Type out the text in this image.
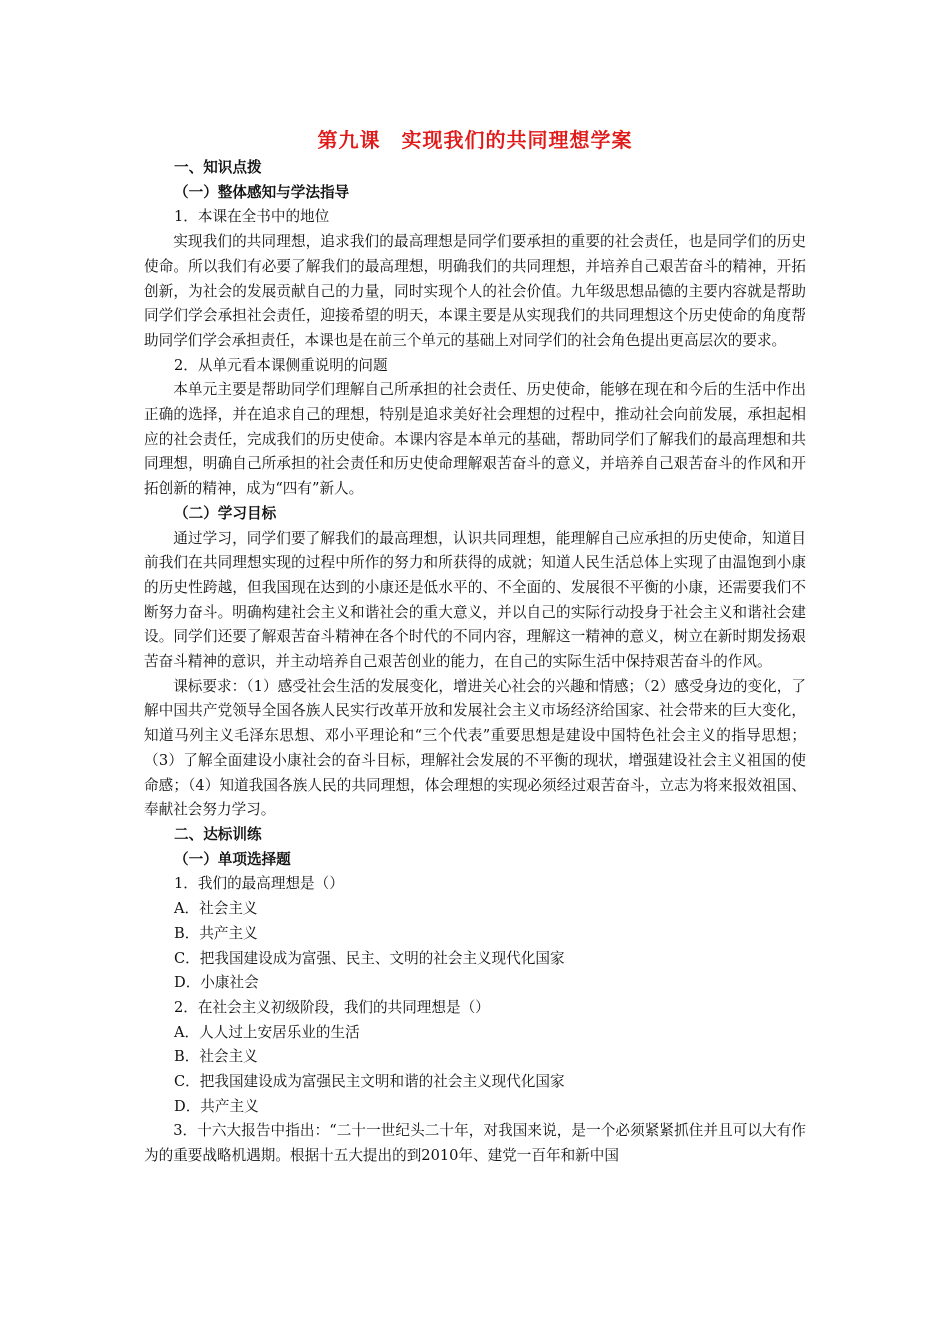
第九课　实现我们的共同理想学案

一、知识点拨

（一）整体感知与学法指导

1．本课在全书中的地位

实现我们的共同理想，追求我们的最高理想是同学们要承担的重要的社会责任，也是同学们的历史使命。所以我们有必要了解我们的最高理想，明确我们的共同理想，并培养自己艰苦奋斗的精神，开拓创新，为社会的发展贡献自己的力量，同时实现个人的社会价值。九年级思想品德的主要内容就是帮助同学们学会承担社会责任，迎接希望的明天，本课主要是从实现我们的共同理想这个历史使命的角度帮助同学们学会承担责任，本课也是在前三个单元的基础上对同学们的社会角色提出更高层次的要求。

2．从单元看本课侧重说明的问题

本单元主要是帮助同学们理解自己所承担的社会责任、历史使命，能够在现在和今后的生活中作出正确的选择，并在追求自己的理想，特别是追求美好社会理想的过程中，推动社会向前发展，承担起相应的社会责任，完成我们的历史使命。本课内容是本单元的基础，帮助同学们了解我们的最高理想和共同理想，明确自己所承担的社会责任和历史使命理解艰苦奋斗的意义，并培养自己艰苦奋斗的作风和开拓创新的精神，成为“四有”新人。

（二）学习目标

通过学习，同学们要了解我们的最高理想，认识共同理想，能理解自己应承担的历史使命，知道目前我们在共同理想实现的过程中所作的努力和所获得的成就；知道人民生活总体上实现了由温饱到小康的历史性跨越，但我国现在达到的小康还是低水平的、不全面的、发展很不平衡的小康，还需要我们不断努力奋斗。明确构建社会主义和谐社会的重大意义，并以自己的实际行动投身于社会主义和谐社会建设。同学们还要了解艰苦奋斗精神在各个时代的不同内容，理解这一精神的意义，树立在新时期发扬艰苦奋斗精神的意识，并主动培养自己艰苦创业的能力，在自己的实际生活中保持艰苦奋斗的作风。

课标要求：（1）感受社会生活的发展变化，增进关心社会的兴趣和情感；（2）感受身边的变化，了解中国共产党领导全国各族人民实行改革开放和发展社会主义市场经济给国家、社会带来的巨大变化，知道马列主义毛泽东思想、邓小平理论和“三个代表”重要思想是建设中国特色社会主义的指导思想；（3）了解全面建设小康社会的奋斗目标，理解社会发展的不平衡的现状，增强建设社会主义祖国的使命感；（4）知道我国各族人民的共同理想，体会理想的实现必须经过艰苦奋斗，立志为将来报效祖国、奉献社会努力学习。

二、达标训练

（一）单项选择题

1．我们的最高理想是（）

A．社会主义

B．共产主义

C．把我国建设成为富强、民主、文明的社会主义现代化国家

D．小康社会

2．在社会主义初级阶段，我们的共同理想是（）

A．人人过上安居乐业的生活

B．社会主义

C．把我国建设成为富强民主文明和谐的社会主义现代化国家

D．共产主义

3．十六大报告中指出：“二十一世纪头二十年，对我国来说，是一个必须紧紧抓住并且可以大有作为的重要战略机遇期。根据十五大提出的到2010年、建党一百年和新中国
